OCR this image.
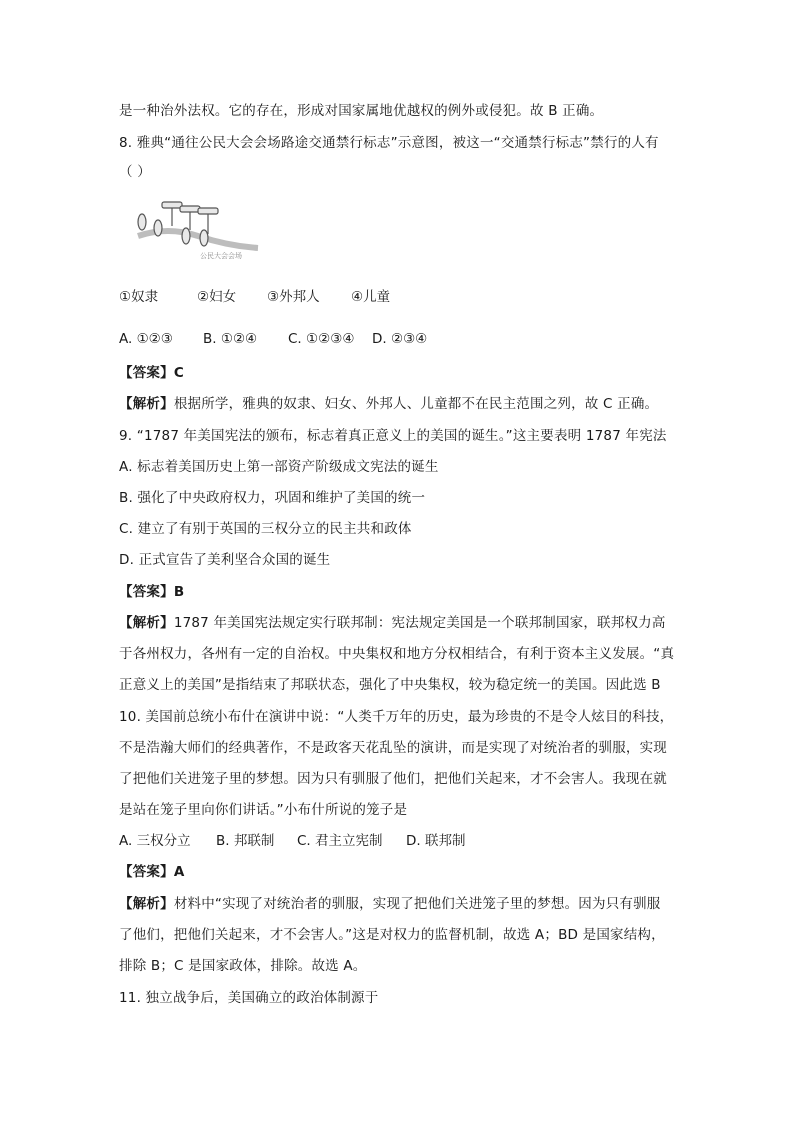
是一种治外法权。它的存在，形成对国家属地优越权的例外或侵犯。故 B 正确。
8. 雅典“通往公民大会会场路途交通禁行标志”示意图，被这一“交通禁行标志”禁行的人有
（ ）
公民大会会场
①奴隶	②妇女 ③外邦人 ④儿童
A. ①②③ B. ①②④ C. ①②③④ D. ②③④
【答案】C
【解析】根据所学，雅典的奴隶、妇女、外邦人、儿童都不在民主范围之列，故 C 正确。
9. “1787 年美国宪法的颁布，标志着真正意义上的美国的诞生。”这主要表明 1787 年宪法
A. 标志着美国历史上第一部资产阶级成文宪法的诞生
B. 强化了中央政府权力，巩固和维护了美国的统一
C. 建立了有别于英国的三权分立的民主共和政体
D. 正式宣告了美利坚合众国的诞生
【答案】B
【解析】1787 年美国宪法规定实行联邦制：宪法规定美国是一个联邦制国家，联邦权力高
于各州权力，各州有一定的自治权。中央集权和地方分权相结合，有利于资本主义发展。“真
正意义上的美国”是指结束了邦联状态，强化了中央集权，较为稳定统一的美国。因此选 B
10. 美国前总统小布什在演讲中说：“人类千万年的历史，最为珍贵的不是令人炫目的科技，
不是浩瀚大师们的经典著作，不是政客天花乱坠的演讲，而是实现了对统治者的驯服，实现
了把他们关进笼子里的梦想。因为只有驯服了他们，把他们关起来，才不会害人。我现在就
是站在笼子里向你们讲话。”小布什所说的笼子是
A. 三权分立 B. 邦联制 C. 君主立宪制 D. 联邦制
【答案】A
【解析】材料中“实现了对统治者的驯服，实现了把他们关进笼子里的梦想。因为只有驯服
了他们，把他们关起来，才不会害人。”这是对权力的监督机制，故选 A；BD 是国家结构，
排除 B；C 是国家政体，排除。故选 A。
11. 独立战争后，美国确立的政治体制源于
